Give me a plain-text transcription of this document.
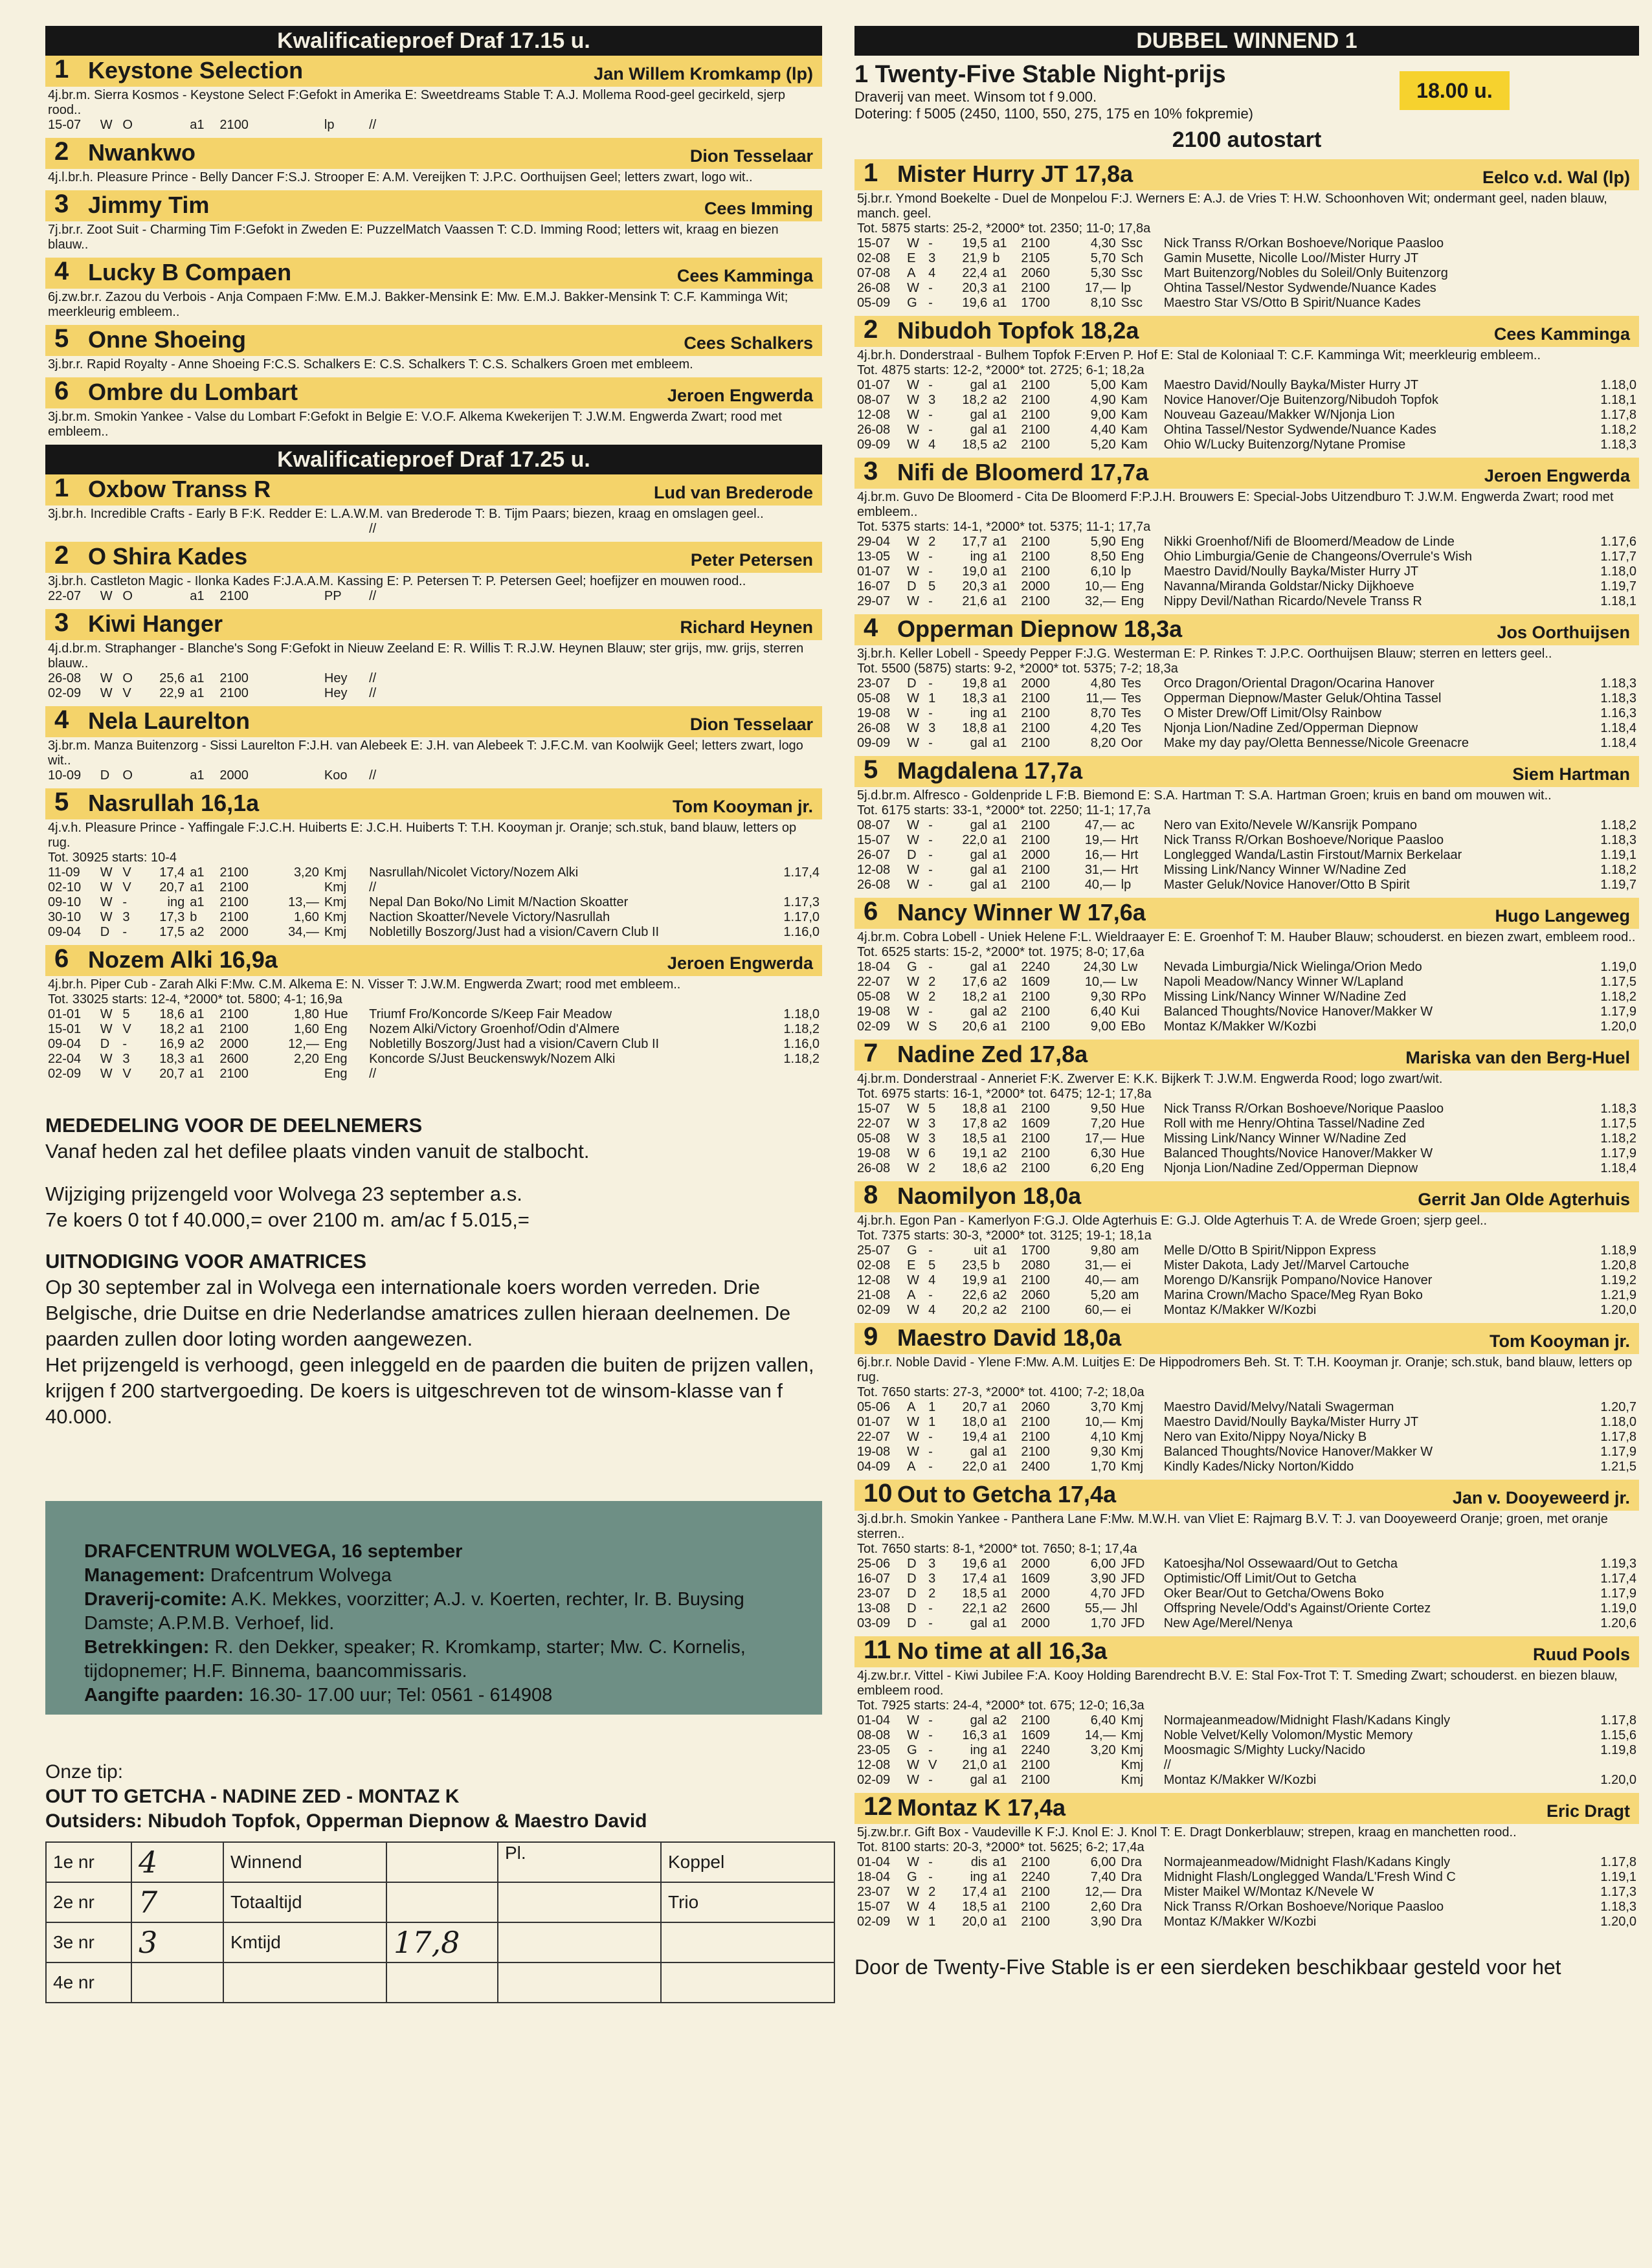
Kwalificatieproef Draf 17.15 u.
1 Keystone Selection	Jan Willem Kromkamp (lp)
4j.br.m. Sierra Kosmos - Keystone Select F:Gefokt in Amerika E: Sweetdreams Stable T: A.J. Mollema Rood-geel gecirkeld, sjerp rood..
15-07	W	O		a1	2100		lp	//	
2 Nwankwo	Dion Tesselaar
4j.l.br.h. Pleasure Prince - Belly Dancer F:S.J. Strooper E: A.M. Vereijken T: J.P.C. Oorthuijsen Geel; letters zwart, logo wit..
3 Jimmy Tim	Cees Imming
7j.br.r. Zoot Suit - Charming Tim F:Gefokt in Zweden E: PuzzelMatch Vaassen T: C.D. Imming Rood; letters wit, kraag en biezen blauw..
4 Lucky B Compaen	Cees Kamminga
6j.zw.br.r. Zazou du Verbois - Anja Compaen F:Mw. E.M.J. Bakker-Mensink E: Mw. E.M.J. Bakker-Mensink T: C.F. Kamminga Wit; meerkleurig embleem..
5 Onne Shoeing	Cees Schalkers
3j.br.r. Rapid Royalty - Anne Shoeing F:C.S. Schalkers E: C.S. Schalkers T: C.S. Schalkers Groen met embleem.
6 Ombre du Lombart	Jeroen Engwerda
3j.br.m. Smokin Yankee - Valse du Lombart F:Gefokt in Belgie E: V.O.F. Alkema Kwekerijen T: J.W.M. Engwerda Zwart; rood met embleem..
Kwalificatieproef Draf 17.25 u.
1 Oxbow Transs R	Lud van Brederode
3j.br.h. Incredible Crafts - Early B F:K. Redder E: L.A.W.M. van Brederode T: B. Tijm Paars; biezen, kraag en omslagen geel..
								//	
2 O Shira Kades	Peter Petersen
3j.br.h. Castleton Magic - Ilonka Kades F:J.A.A.M. Kassing E: P. Petersen T: P. Petersen Geel; hoefijzer en mouwen rood..
22-07	W	O		a1	2100		PP	//	
3 Kiwi Hanger	Richard Heynen
4j.d.br.m. Straphanger - Blanche's Song F:Gefokt in Nieuw Zeeland E: R. Willis T: R.J.W. Heynen Blauw; ster grijs, mw. grijs, sterren blauw..
26-08	W	O	25,6	a1	2100		Hey	//	
02-09	W	V	22,9	a1	2100		Hey	//	
4 Nela Laurelton	Dion Tesselaar
3j.br.m. Manza Buitenzorg - Sissi Laurelton F:J.H. van Alebeek E: J.H. van Alebeek T: J.F.C.M. van Koolwijk Geel; letters zwart, logo wit..
10-09	D	O		a1	2000		Koo	//	
5 Nasrullah 16,1a	Tom Kooyman jr.
4j.v.h. Pleasure Prince - Yaffingale F:J.C.H. Huiberts E: J.C.H. Huiberts T: T.H. Kooyman jr. Oranje; sch.stuk, band blauw, letters op rug.
Tot. 30925 starts: 10-4
11-09	W	V	17,4	a1	2100	3,20	Kmj	Nasrullah/Nicolet Victory/Nozem Alki	1.17,4
02-10	W	V	20,7	a1	2100		Kmj	//	
09-10	W	-	ing	a1	2100	13,—	Kmj	Nepal Dan Boko/No Limit M/Naction Skoatter	1.17,3
30-10	W	3	17,3	b	2100	1,60	Kmj	Naction Skoatter/Nevele Victory/Nasrullah	1.17,0
09-04	D	-	17,5	a2	2000	34,—	Kmj	Nobletilly Boszorg/Just had a vision/Cavern Club II	1.16,0
6 Nozem Alki 16,9a	Jeroen Engwerda
4j.br.h. Piper Cub - Zarah Alki F:Mw. C.M. Alkema E: N. Visser T: J.W.M. Engwerda Zwart; rood met embleem..
Tot. 33025 starts: 12-4, *2000* tot. 5800; 4-1; 16,9a
01-01	W	5	18,6	a1	2100	1,80	Hue	Triumf Fro/Koncorde S/Keep Fair Meadow	1.18,0
15-01	W	V	18,2	a1	2100	1,60	Eng	Nozem Alki/Victory Groenhof/Odin d'Almere	1.18,2
09-04	D	-	16,9	a2	2000	12,—	Eng	Nobletilly Boszorg/Just had a vision/Cavern Club II	1.16,0
22-04	W	3	18,3	a1	2600	2,20	Eng	Koncorde S/Just Beuckenswyk/Nozem Alki	1.18,2
02-09	W	V	20,7	a1	2100		Eng	//	
MEDEDELING VOOR DE DEELNEMERS

Vanaf heden zal het defilee plaats vinden vanuit de stalbocht.

Wijziging prijzengeld voor Wolvega 23 september a.s.

7e koers 0 tot f 40.000,= over 2100 m. am/ac f 5.015,=

UITNODIGING VOOR AMATRICES

Op 30 september zal in Wolvega een internationale koers worden verreden. Drie Belgische, drie Duitse en drie Nederlandse amatrices zullen hieraan deelnemen. De paarden zullen door loting worden aangewezen.

Het prijzengeld is verhoogd, geen inleggeld en de paarden die buiten de prijzen vallen, krijgen f 200 startvergoeding. De koers is uitgeschreven tot de winsom-klasse van f 40.000.

DRAFCENTRUM WOLVEGA, 16 september
Management: Drafcentrum Wolvega
Draverij-comite: A.K. Mekkes, voorzitter; A.J. v. Koerten, rechter, Ir. B. Buysing Damste; A.P.M.B. Verhoef, lid.
Betrekkingen: R. den Dekker, speaker; R. Kromkamp, starter; Mw. C. Kornelis, tijdopnemer; H.F. Binnema, baancommissaris.
Aangifte paarden: 16.30- 17.00 uur; Tel: 0561 - 614908
Onze tip:
OUT TO GETCHA - NADINE ZED - MONTAZ K
Outsiders: Nibudoh Topfok, Opperman Diepnow & Maestro David
1e nr	4	Winnend		Pl.	Koppel
2e nr	7	Totaaltijd			Trio
3e nr	3	Kmtijd	17,8		
4e nr					
DUBBEL WINNEND 1
1 Twenty-Five Stable Night-prijs
Draverij van meet. Winsom tot f 9.000.
Dotering: f 5005 (2450, 1100, 550, 275, 175 en 10% fokpremie)
18.00 u.
2100 autostart
1 Mister Hurry JT 17,8a	Eelco v.d. Wal (lp)
5j.br.r. Ymond Boekelte - Duel de Monpelou F:J. Werners E: A.J. de Vries T: H.W. Schoonhoven Wit; ondermant geel, naden blauw, manch. geel.
Tot. 5875 starts: 25-2, *2000* tot. 2350; 11-0; 17,8a
15-07	W	-	19,5	a1	2100	4,30	Ssc	Nick Transs R/Orkan Boshoeve/Norique Paasloo	
02-08	E	3	21,9	b	2105	5,70	Sch	Gamin Musette, Nicolle Loo//Mister Hurry JT	
07-08	A	4	22,4	a1	2060	5,30	Ssc	Mart Buitenzorg/Nobles du Soleil/Only Buitenzorg	
26-08	W	-	20,3	a1	2100	17,—	lp	Ohtina Tassel/Nestor Sydwende/Nuance Kades	
05-09	G	-	19,6	a1	1700	8,10	Ssc	Maestro Star VS/Otto B Spirit/Nuance Kades	
2 Nibudoh Topfok 18,2a	Cees Kamminga
4j.br.h. Donderstraal - Bulhem Topfok F:Erven P. Hof E: Stal de Koloniaal T: C.F. Kamminga Wit; meerkleurig embleem..
Tot. 4875 starts: 12-2, *2000* tot. 2725; 6-1; 18,2a
01-07	W	-	gal	a1	2100	5,00	Kam	Maestro David/Noully Bayka/Mister Hurry JT	1.18,0
08-07	W	3	18,2	a2	2100	4,90	Kam	Novice Hanover/Oje Buitenzorg/Nibudoh Topfok	1.18,1
12-08	W	-	gal	a1	2100	9,00	Kam	Nouveau Gazeau/Makker W/Njonja Lion	1.17,8
26-08	W	-	gal	a1	2100	4,40	Kam	Ohtina Tassel/Nestor Sydwende/Nuance Kades	1.18,2
09-09	W	4	18,5	a2	2100	5,20	Kam	Ohio W/Lucky Buitenzorg/Nytane Promise	1.18,3
3 Nifi de Bloomerd 17,7a	Jeroen Engwerda
4j.br.m. Guvo De Bloomerd - Cita De Bloomerd F:P.J.H. Brouwers E: Special-Jobs Uitzendburo T: J.W.M. Engwerda Zwart; rood met embleem..
Tot. 5375 starts: 14-1, *2000* tot. 5375; 11-1; 17,7a
29-04	W	2	17,7	a1	2100	5,90	Eng	Nikki Groenhof/Nifi de Bloomerd/Meadow de Linde	1.17,6
13-05	W	-	ing	a1	2100	8,50	Eng	Ohio Limburgia/Genie de Changeons/Overrule's Wish	1.17,7
01-07	W	-	19,0	a1	2100	6,10	lp	Maestro David/Noully Bayka/Mister Hurry JT	1.18,0
16-07	D	5	20,3	a1	2000	10,—	Eng	Navanna/Miranda Goldstar/Nicky Dijkhoeve	1.19,7
29-07	W	-	21,6	a1	2100	32,—	Eng	Nippy Devil/Nathan Ricardo/Nevele Transs R	1.18,1
4 Opperman Diepnow 18,3a	Jos Oorthuijsen
3j.br.h. Keller Lobell - Speedy Pepper F:J.G. Westerman E: P. Rinkes T: J.P.C. Oorthuijsen Blauw; sterren en letters geel..
Tot. 5500 (5875) starts: 9-2, *2000* tot. 5375; 7-2; 18,3a
23-07	D	-	19,8	a1	2000	4,80	Tes	Orco Dragon/Oriental Dragon/Ocarina Hanover	1.18,3
05-08	W	1	18,3	a1	2100	11,—	Tes	Opperman Diepnow/Master Geluk/Ohtina Tassel	1.18,3
19-08	W	-	ing	a1	2100	8,70	Tes	O Mister Drew/Off Limit/Olsy Rainbow	1.16,3
26-08	W	3	18,8	a1	2100	4,20	Tes	Njonja Lion/Nadine Zed/Opperman Diepnow	1.18,4
09-09	W	-	gal	a1	2100	8,20	Oor	Make my day pay/Oletta Bennesse/Nicole Greenacre	1.18,4
5 Magdalena 17,7a	Siem Hartman
5j.d.br.m. Alfresco - Goldenpride L F:B. Biemond E: S.A. Hartman T: S.A. Hartman Groen; kruis en band om mouwen wit..
Tot. 6175 starts: 33-1, *2000* tot. 2250; 11-1; 17,7a
08-07	W	-	gal	a1	2100	47,—	ac	Nero van Exito/Nevele W/Kansrijk Pompano	1.18,2
15-07	W	-	22,0	a1	2100	19,—	Hrt	Nick Transs R/Orkan Boshoeve/Norique Paasloo	1.18,3
26-07	D	-	gal	a1	2000	16,—	Hrt	Longlegged Wanda/Lastin Firstout/Marnix Berkelaar	1.19,1
12-08	W	-	gal	a1	2100	31,—	Hrt	Missing Link/Nancy Winner W/Nadine Zed	1.18,2
26-08	W	-	gal	a1	2100	40,—	lp	Master Geluk/Novice Hanover/Otto B Spirit	1.19,7
6 Nancy Winner W 17,6a	Hugo Langeweg
4j.br.m. Cobra Lobell - Uniek Helene F:L. Wieldraayer E: E. Groenhof T: M. Hauber Blauw; schouderst. en biezen zwart, embleem rood..
Tot. 6525 starts: 15-2, *2000* tot. 1975; 8-0; 17,6a
18-04	G	-	gal	a1	2240	24,30	Lw	Nevada Limburgia/Nick Wielinga/Orion Medo	1.19,0
22-07	W	2	17,6	a2	1609	10,—	Lw	Napoli Meadow/Nancy Winner W/Lapland	1.17,5
05-08	W	2	18,2	a1	2100	9,30	RPo	Missing Link/Nancy Winner W/Nadine Zed	1.18,2
19-08	W	-	gal	a2	2100	6,40	Kui	Balanced Thoughts/Novice Hanover/Makker W	1.17,9
02-09	W	S	20,6	a1	2100	9,00	EBo	Montaz K/Makker W/Kozbi	1.20,0
7 Nadine Zed 17,8a	Mariska van den Berg-Huel
4j.br.m. Donderstraal - Anneriet F:K. Zwerver E: K.K. Bijkerk T: J.W.M. Engwerda Rood; logo zwart/wit.
Tot. 6975 starts: 16-1, *2000* tot. 6475; 12-1; 17,8a
15-07	W	5	18,8	a1	2100	9,50	Hue	Nick Transs R/Orkan Boshoeve/Norique Paasloo	1.18,3
22-07	W	3	17,8	a2	1609	7,20	Hue	Roll with me Henry/Ohtina Tassel/Nadine Zed	1.17,5
05-08	W	3	18,5	a1	2100	17,—	Hue	Missing Link/Nancy Winner W/Nadine Zed	1.18,2
19-08	W	6	19,1	a2	2100	6,30	Hue	Balanced Thoughts/Novice Hanover/Makker W	1.17,9
26-08	W	2	18,6	a2	2100	6,20	Eng	Njonja Lion/Nadine Zed/Opperman Diepnow	1.18,4
8 Naomilyon 18,0a	Gerrit Jan Olde Agterhuis
4j.br.h. Egon Pan - Kamerlyon F:G.J. Olde Agterhuis E: G.J. Olde Agterhuis T: A. de Wrede Groen; sjerp geel..
Tot. 7375 starts: 30-3, *2000* tot. 3125; 19-1; 18,1a
25-07	G	-	uit	a1	1700	9,80	am	Melle D/Otto B Spirit/Nippon Express	1.18,9
02-08	E	5	23,5	b	2080	31,—	ei	Mister Dakota, Lady Jet//Marvel Cartouche	1.20,8
12-08	W	4	19,9	a1	2100	40,—	am	Morengo D/Kansrijk Pompano/Novice Hanover	1.19,2
21-08	A	-	22,6	a2	2060	5,20	am	Marina Crown/Macho Space/Meg Ryan Boko	1.21,9
02-09	W	4	20,2	a2	2100	60,—	ei	Montaz K/Makker W/Kozbi	1.20,0
9 Maestro David 18,0a	Tom Kooyman jr.
6j.br.r. Noble David - Ylene F:Mw. A.M. Luitjes E: De Hippodromers Beh. St. T: T.H. Kooyman jr. Oranje; sch.stuk, band blauw, letters op rug.
Tot. 7650 starts: 27-3, *2000* tot. 4100; 7-2; 18,0a
05-06	A	1	20,7	a1	2060	3,70	Kmj	Maestro David/Melvy/Natali Swagerman	1.20,7
01-07	W	1	18,0	a1	2100	10,—	Kmj	Maestro David/Noully Bayka/Mister Hurry JT	1.18,0
22-07	W	-	19,4	a1	2100	4,10	Kmj	Nero van Exito/Nippy Noya/Nicky B	1.17,8
19-08	W	-	gal	a1	2100	9,30	Kmj	Balanced Thoughts/Novice Hanover/Makker W	1.17,9
04-09	A	-	22,0	a1	2400	1,70	Kmj	Kindly Kades/Nicky Norton/Kiddo	1.21,5
10 Out to Getcha 17,4a	Jan v. Dooyeweerd jr.
3j.d.br.h. Smokin Yankee - Panthera Lane F:Mw. M.W.H. van Vliet E: Rajmarg B.V. T: J. van Dooyeweerd Oranje; groen, met oranje sterren..
Tot. 7650 starts: 8-1, *2000* tot. 7650; 8-1; 17,4a
25-06	D	3	19,6	a1	2000	6,00	JFD	Katoesjha/Nol Ossewaard/Out to Getcha	1.19,3
16-07	D	3	17,4	a1	1609	3,90	JFD	Optimistic/Off Limit/Out to Getcha	1.17,4
23-07	D	2	18,5	a1	2000	4,70	JFD	Oker Bear/Out to Getcha/Owens Boko	1.17,9
13-08	D	-	22,1	a2	2600	55,—	Jhl	Offspring Nevele/Odd's Against/Oriente Cortez	1.19,0
03-09	D	-	gal	a1	2000	1,70	JFD	New Age/Merel/Nenya	1.20,6
11 No time at all 16,3a	Ruud Pools
4j.zw.br.r. Vittel - Kiwi Jubilee F:A. Kooy Holding Barendrecht B.V. E: Stal Fox-Trot T: T. Smeding Zwart; schouderst. en biezen blauw, embleem rood.
Tot. 7925 starts: 24-4, *2000* tot. 675; 12-0; 16,3a
01-04	W	-	gal	a2	2100	6,40	Kmj	Normajeanmeadow/Midnight Flash/Kadans Kingly	1.17,8
08-08	W	-	16,3	a1	1609	14,—	Kmj	Noble Velvet/Kelly Volomon/Mystic Memory	1.15,6
23-05	G	-	ing	a1	2240	3,20	Kmj	Moosmagic S/Mighty Lucky/Nacido	1.19,8
12-08	W	V	21,0	a1	2100		Kmj	//	
02-09	W	-	gal	a1	2100		Kmj	Montaz K/Makker W/Kozbi	1.20,0
12 Montaz K 17,4a	Eric Dragt
5j.zw.br.r. Gift Box - Vaudeville K F:J. Knol E: J. Knol T: E. Dragt Donkerblauw; strepen, kraag en manchetten rood..
Tot. 8100 starts: 20-3, *2000* tot. 5625; 6-2; 17,4a
01-04	W	-	dis	a1	2100	6,00	Dra	Normajeanmeadow/Midnight Flash/Kadans Kingly	1.17,8
18-04	G	-	ing	a1	2240	7,40	Dra	Midnight Flash/Longlegged Wanda/L'Fresh Wind C	1.19,1
23-07	W	2	17,4	a1	2100	12,—	Dra	Mister Maikel W/Montaz K/Nevele W	1.17,3
15-07	W	4	18,5	a1	2100	2,60	Dra	Nick Transs R/Orkan Boshoeve/Norique Paasloo	1.18,3
02-09	W	1	20,0	a1	2100	3,90	Dra	Montaz K/Makker W/Kozbi	1.20,0
Door de Twenty-Five Stable is er een sierdeken beschikbaar gesteld voor het
